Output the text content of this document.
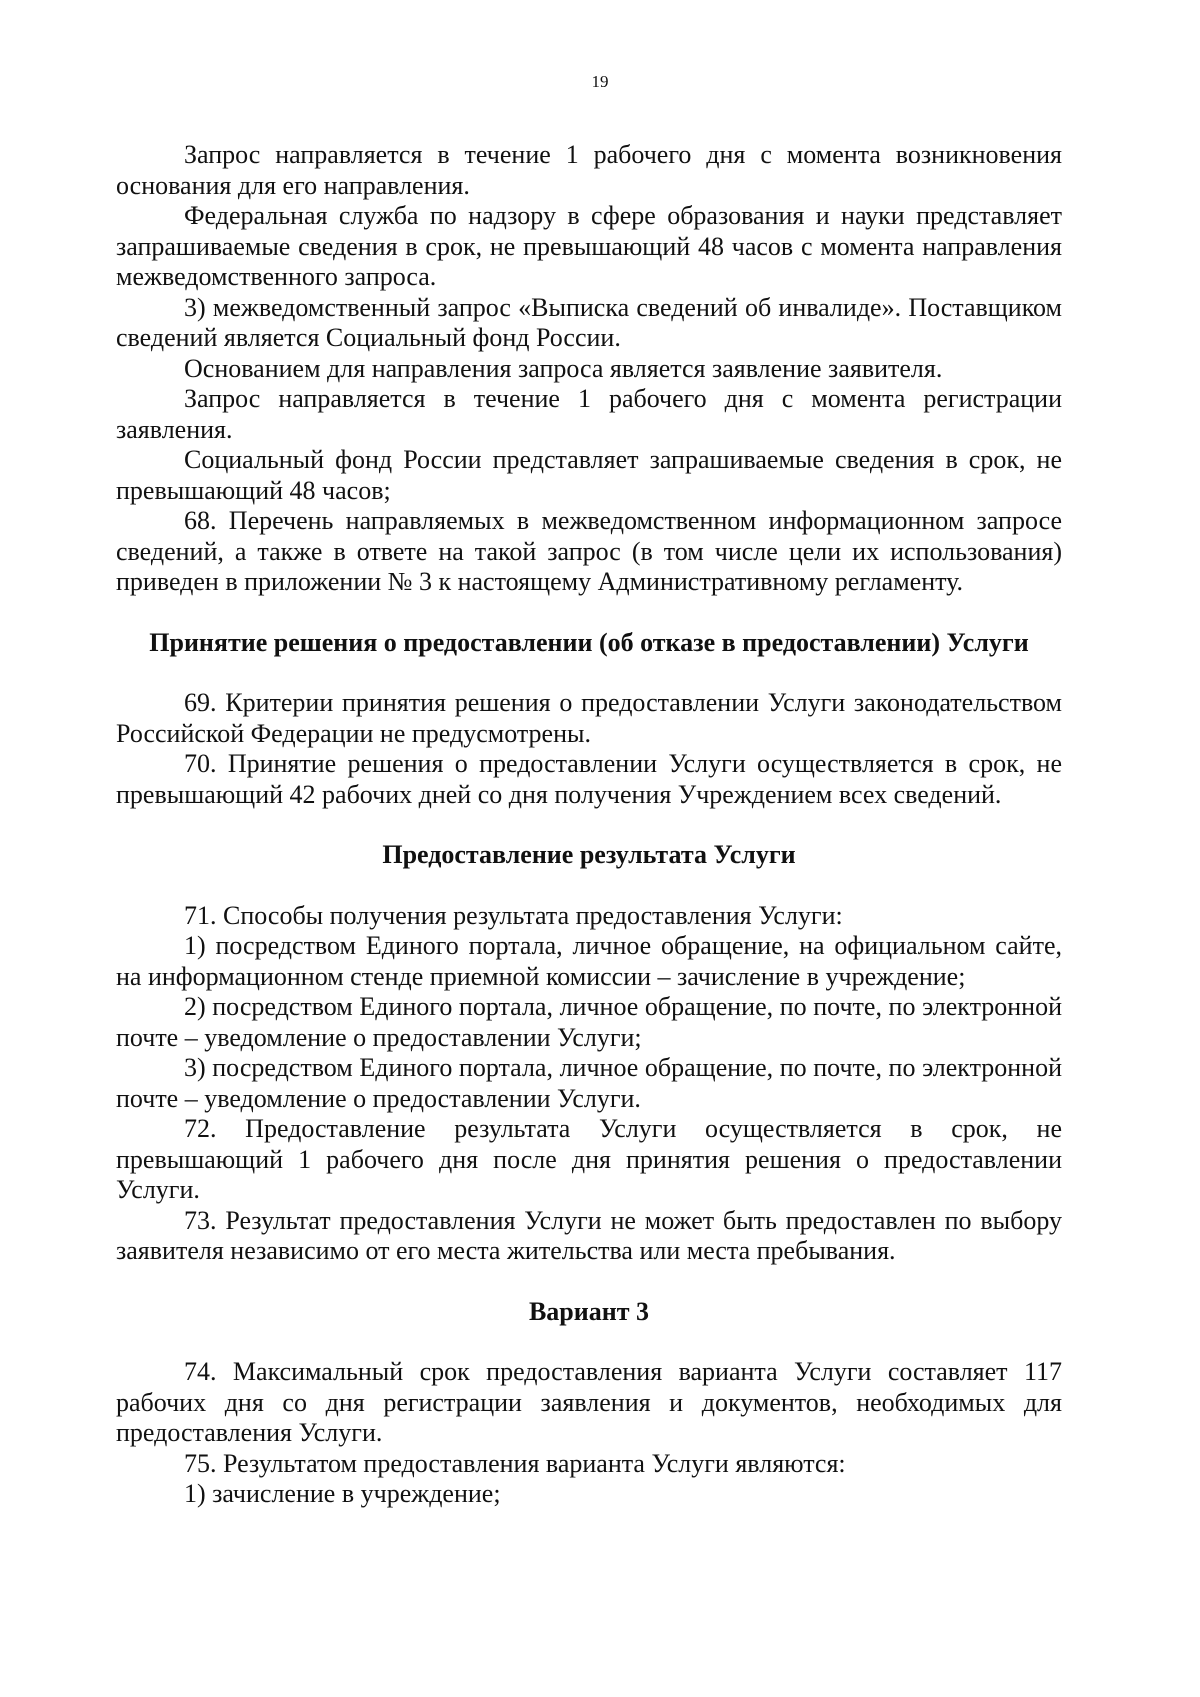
19

Запрос направляется в течение 1 рабочего дня с момента возникновения основания для его направления.

Федеральная служба по надзору в сфере образования и науки представляет запрашиваемые сведения в срок, не превышающий 48 часов с момента направления межведомственного запроса.

3) межведомственный запрос «Выписка сведений об инвалиде». Поставщиком сведений является Социальный фонд России.

Основанием для направления запроса является заявление заявителя.

Запрос направляется в течение 1 рабочего дня с момента регистрации заявления.

Социальный фонд России представляет запрашиваемые сведения в срок, не превышающий 48 часов;

68. Перечень направляемых в межведомственном информационном запросе сведений, а также в ответе на такой запрос (в том числе цели их использования) приведен в приложении № 3 к настоящему Административному регламенту.

Принятие решения о предоставлении (об отказе в предоставлении) Услуги

69. Критерии принятия решения о предоставлении Услуги законодательством Российской Федерации не предусмотрены.

70. Принятие решения о предоставлении Услуги осуществляется в срок, не превышающий 42 рабочих дней со дня получения Учреждением всех сведений.

Предоставление результата Услуги

71. Способы получения результата предоставления Услуги:

1) посредством Единого портала, личное обращение, на официальном сайте, на информационном стенде приемной комиссии – зачисление в учреждение;

2) посредством Единого портала, личное обращение, по почте, по электронной почте – уведомление о предоставлении Услуги;

3) посредством Единого портала, личное обращение, по почте, по электронной почте – уведомление о предоставлении Услуги.

72. Предоставление результата Услуги осуществляется в срок, не превышающий 1 рабочего дня после дня принятия решения о предоставлении Услуги.

73. Результат предоставления Услуги не может быть предоставлен по выбору заявителя независимо от его места жительства или места пребывания.

Вариант 3

74. Максимальный срок предоставления варианта Услуги составляет 117 рабочих дня со дня регистрации заявления и документов, необходимых для предоставления Услуги.

75. Результатом предоставления варианта Услуги являются:

1) зачисление в учреждение;
